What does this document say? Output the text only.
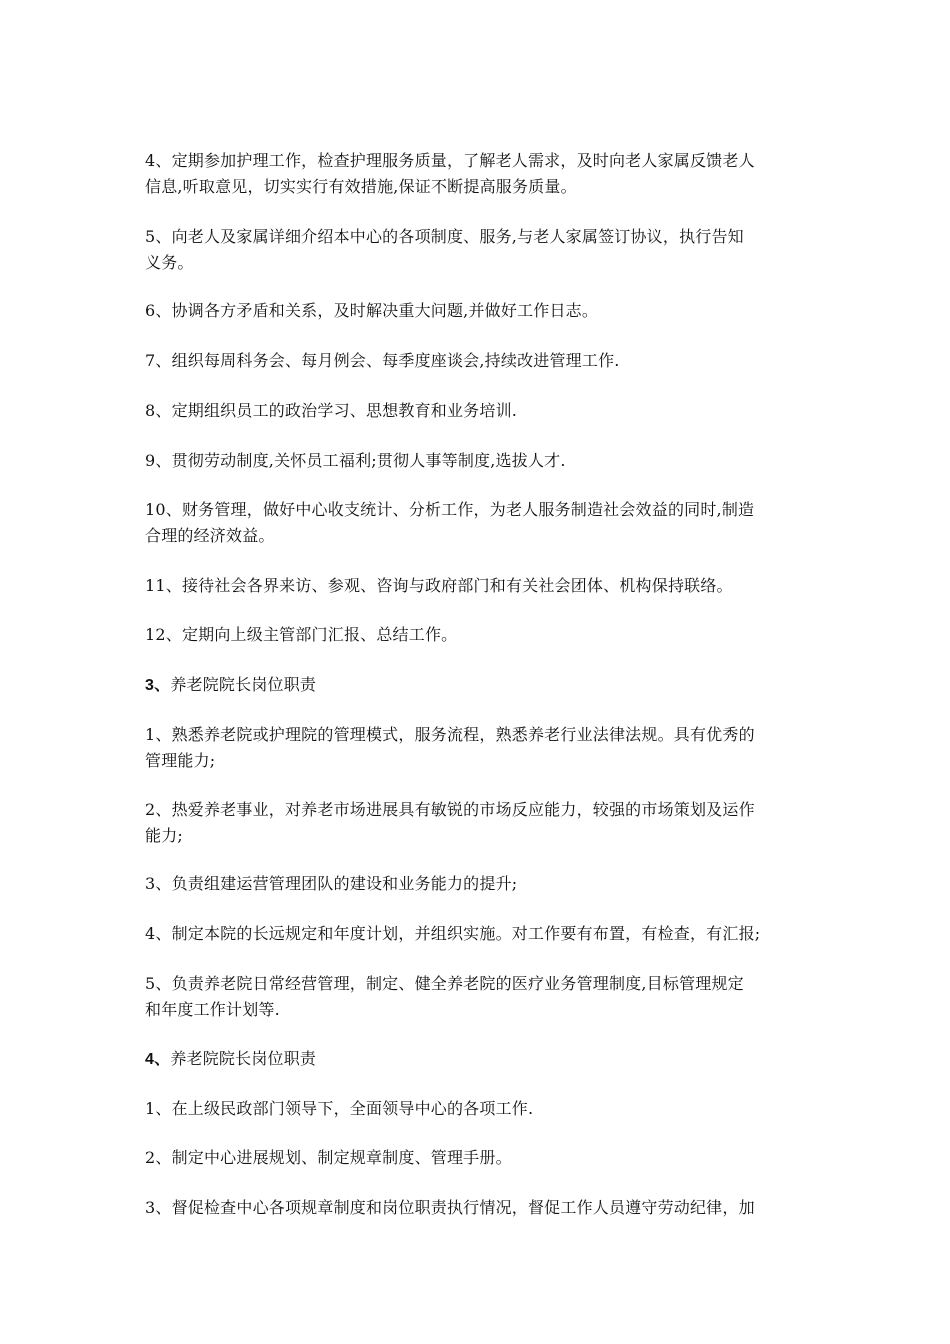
4、定期参加护理工作，检查护理服务质量，了解老人需求，及时向老人家属反馈老人
信息,听取意见，切实实行有效措施,保证不断提高服务质量。
5、向老人及家属详细介绍本中心的各项制度、服务,与老人家属签订协议，执行告知
义务。
6、协调各方矛盾和关系，及时解决重大问题,并做好工作日志。
7、组织每周科务会、每月例会、每季度座谈会,持续改进管理工作.
8、定期组织员工的政治学习、思想教育和业务培训.
9、贯彻劳动制度,关怀员工福利;贯彻人事等制度,选拔人才.
10、财务管理，做好中心收支统计、分析工作，为老人服务制造社会效益的同时,制造
合理的经济效益。
11、接待社会各界来访、参观、咨询与政府部门和有关社会团体、机构保持联络。
12、定期向上级主管部门汇报、总结工作。
3、养老院院长岗位职责
1、熟悉养老院或护理院的管理模式，服务流程，熟悉养老行业法律法规。具有优秀的
管理能力;
2、热爱养老事业，对养老市场进展具有敏锐的市场反应能力，较强的市场策划及运作
能力;
3、负责组建运营管理团队的建设和业务能力的提升;
4、制定本院的长远规定和年度计划，并组织实施。对工作要有布置，有检查，有汇报;
5、负责养老院日常经营管理，制定、健全养老院的医疗业务管理制度,目标管理规定
和年度工作计划等.
4、养老院院长岗位职责
1、在上级民政部门领导下，全面领导中心的各项工作.
2、制定中心进展规划、制定规章制度、管理手册。
3、督促检查中心各项规章制度和岗位职责执行情况，督促工作人员遵守劳动纪律，加
